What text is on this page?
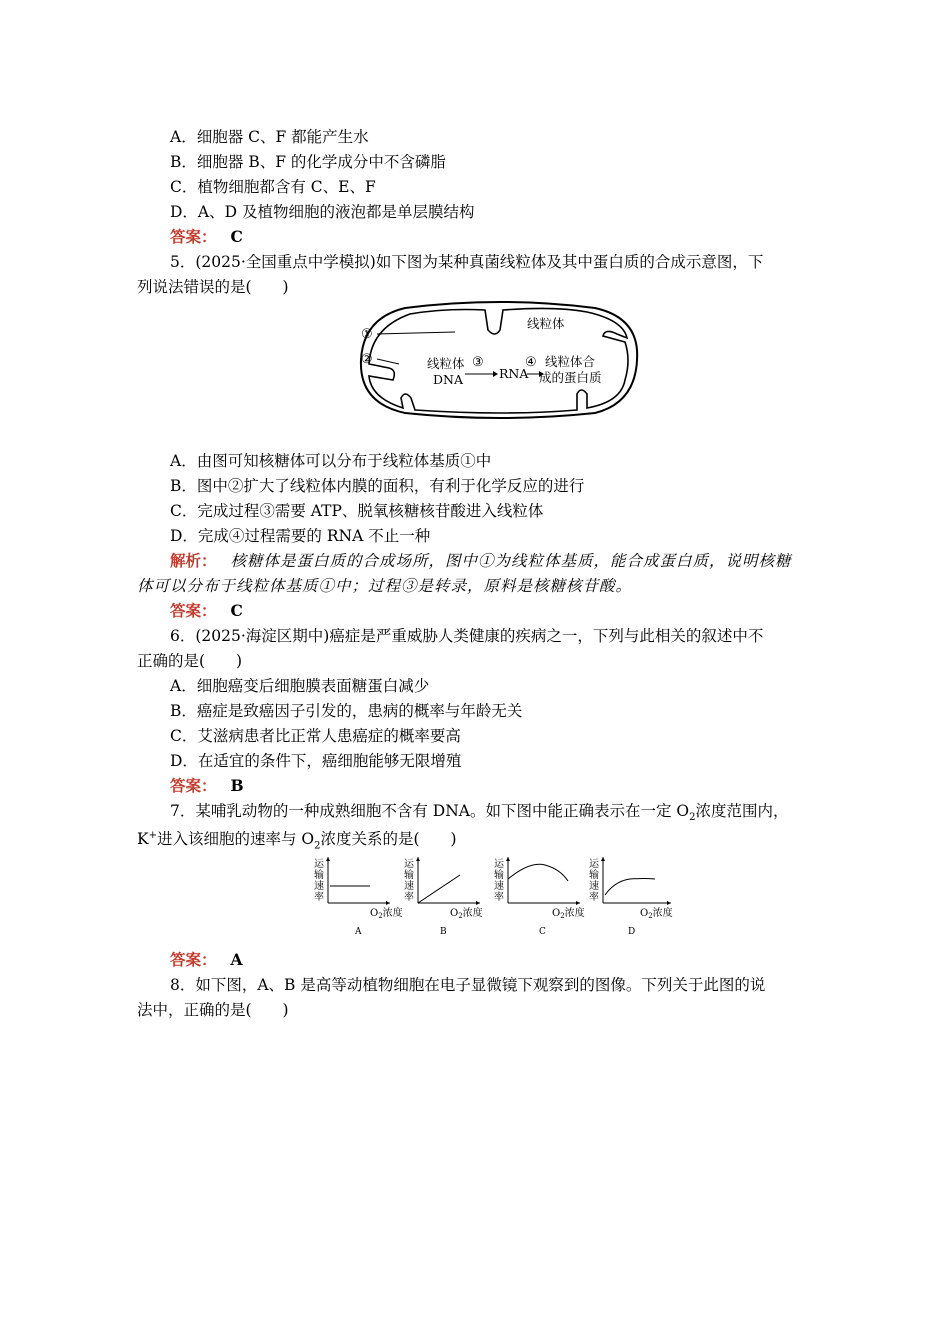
A．细胞器 C、F 都能产生水
B．细胞器 B、F 的化学成分中不含磷脂
C．植物细胞都含有 C、E、F
D．A、D 及植物细胞的液泡都是单层膜结构
答案： C
5．(2025·全国重点中学模拟)如下图为某种真菌线粒体及其中蛋白质的合成示意图，下
列说法错误的是(　　)
①
②
线粒体
线粒体
DNA
③
RNA
④ 线粒体合
成的蛋白质
A．由图可知核糖体可以分布于线粒体基质①中
B．图中②扩大了线粒体内膜的面积，有利于化学反应的进行
C．完成过程③需要 ATP、脱氧核糖核苷酸进入线粒体
D．完成④过程需要的 RNA 不止一种
解析： 核糖体是蛋白质的合成场所，图中①为线粒体基质，能合成蛋白质，说明核糖
体可以分布于线粒体基质①中；过程③是转录，原料是核糖核苷酸。
答案： C
6．(2025·海淀区期中)癌症是严重威胁人类健康的疾病之一，下列与此相关的叙述中不
正确的是(　　)
A．细胞癌变后细胞膜表面糖蛋白减少
B．癌症是致癌因子引发的，患病的概率与年龄无关
C．艾滋病患者比正常人患癌症的概率要高
D．在适宜的条件下，癌细胞能够无限增殖
答案： B
7．某哺乳动物的一种成熟细胞不含有 DNA。如下图中能正确表示在一定 $O_2$浓度范围内，
K+进入该细胞的速率与 $O_2$浓度关系的是(　　)
运
输
速
率
$O_2$浓度
A
运
输
速
率
$O_2$浓度
B
运
输
速
率
$O_2$浓度
C
运
输
速
率
$O_2$浓度
D
答案： A
8．如下图，A、B 是高等动植物细胞在电子显微镜下观察到的图像。下列关于此图的说
法中，正确的是(　　)
